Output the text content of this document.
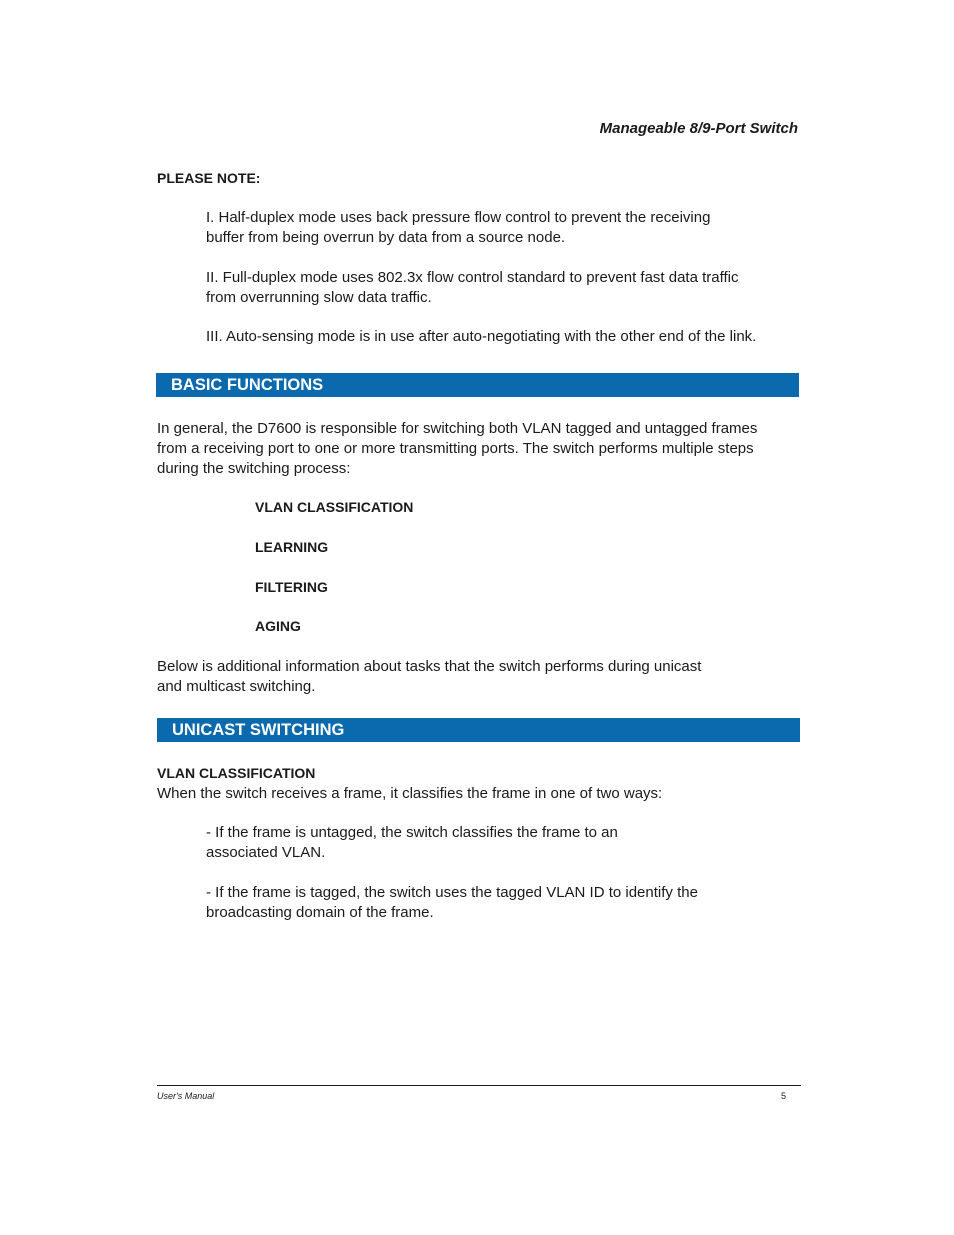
Manageable 8/9-Port Switch
PLEASE NOTE:
I. Half-duplex mode uses back pressure flow control to prevent the receiving
buffer from being overrun by data from a source node.
II. Full-duplex mode uses 802.3x flow control standard to prevent fast data traffic
from overrunning slow data traffic.
III. Auto-sensing mode is in use after auto-negotiating with the other end of the link.
BASIC FUNCTIONS
In general, the D7600 is responsible for switching both VLAN tagged and untagged frames
from a receiving port to one or more transmitting ports. The switch performs multiple steps
during the switching process:
VLAN CLASSIFICATION
LEARNING
FILTERING
AGING
Below is additional information about tasks that the switch performs during unicast
and multicast switching.
UNICAST SWITCHING
VLAN CLASSIFICATION
When the switch receives a frame, it classifies the frame in one of two ways:
- If the frame is untagged, the switch classifies the frame to an
associated VLAN.
- If the frame is tagged, the switch uses the tagged VLAN ID to identify the
broadcasting domain of the frame.
User's Manual	5
